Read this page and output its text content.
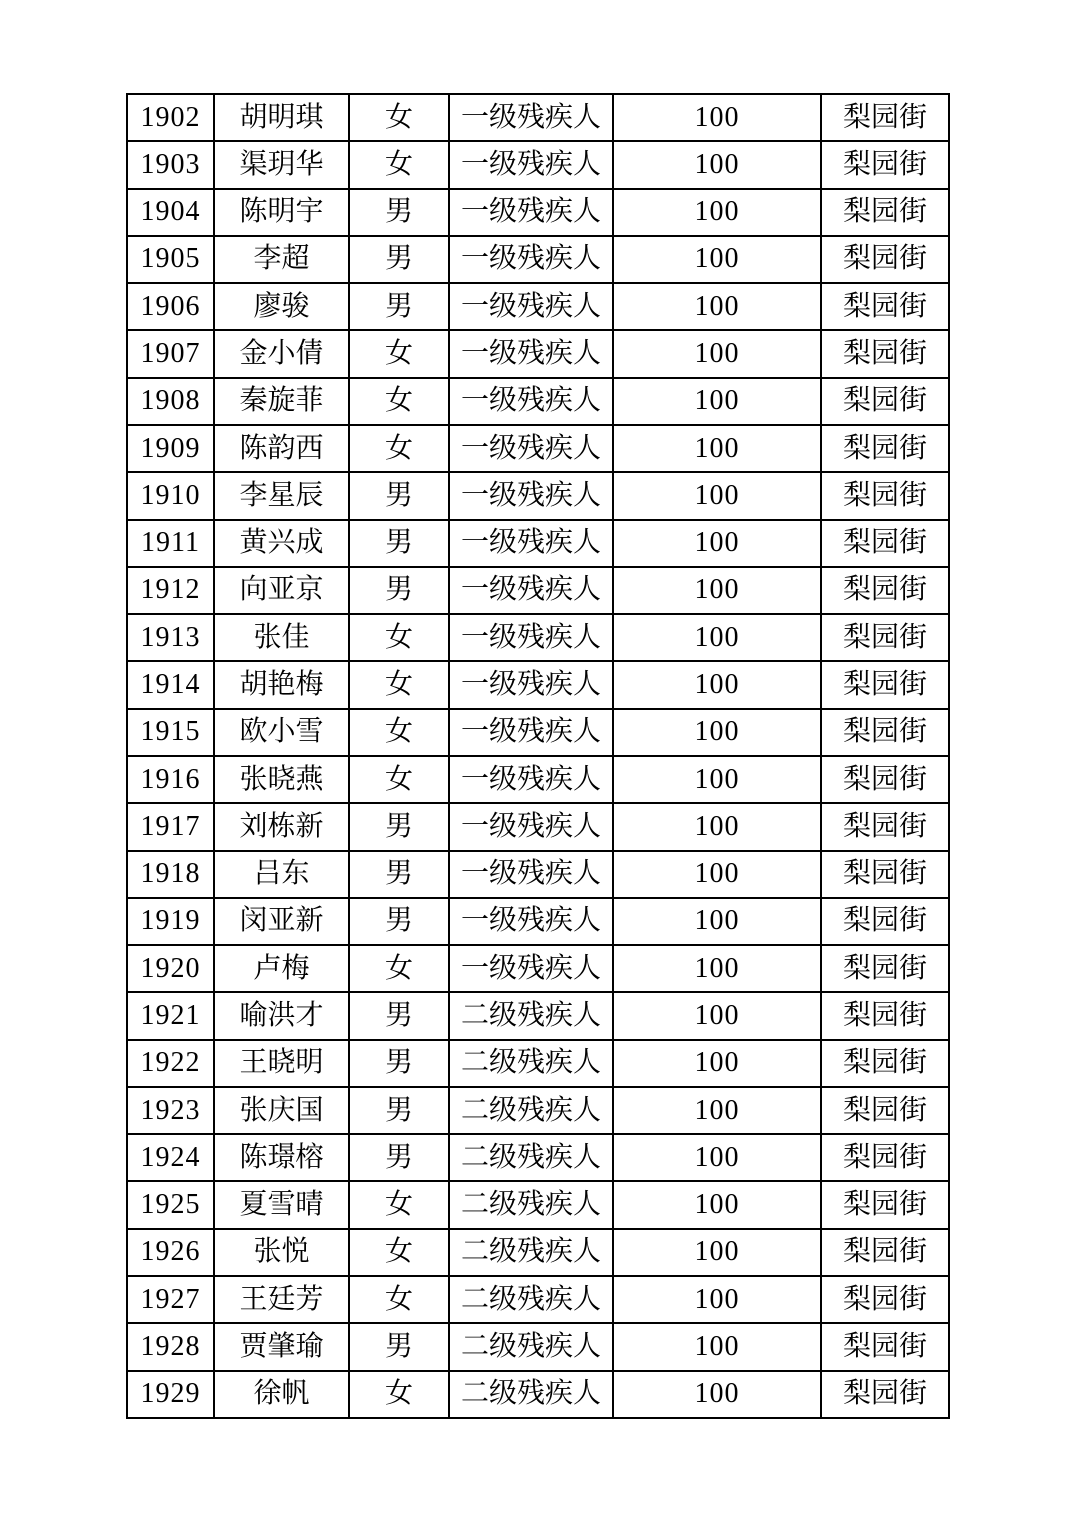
1902	胡明琪	女	一级残疾人	100	梨园街
1903	渠玥华	女	一级残疾人	100	梨园街
1904	陈明宇	男	一级残疾人	100	梨园街
1905	李超	男	一级残疾人	100	梨园街
1906	廖骏	男	一级残疾人	100	梨园街
1907	金小倩	女	一级残疾人	100	梨园街
1908	秦旋菲	女	一级残疾人	100	梨园街
1909	陈韵西	女	一级残疾人	100	梨园街
1910	李星辰	男	一级残疾人	100	梨园街
1911	黄兴成	男	一级残疾人	100	梨园街
1912	向亚京	男	一级残疾人	100	梨园街
1913	张佳	女	一级残疾人	100	梨园街
1914	胡艳梅	女	一级残疾人	100	梨园街
1915	欧小雪	女	一级残疾人	100	梨园街
1916	张晓燕	女	一级残疾人	100	梨园街
1917	刘栋新	男	一级残疾人	100	梨园街
1918	吕东	男	一级残疾人	100	梨园街
1919	闵亚新	男	一级残疾人	100	梨园街
1920	卢梅	女	一级残疾人	100	梨园街
1921	喻洪才	男	二级残疾人	100	梨园街
1922	王晓明	男	二级残疾人	100	梨园街
1923	张庆国	男	二级残疾人	100	梨园街
1924	陈璟榕	男	二级残疾人	100	梨园街
1925	夏雪晴	女	二级残疾人	100	梨园街
1926	张悦	女	二级残疾人	100	梨园街
1927	王廷芳	女	二级残疾人	100	梨园街
1928	贾肇瑜	男	二级残疾人	100	梨园街
1929	徐帆	女	二级残疾人	100	梨园街
